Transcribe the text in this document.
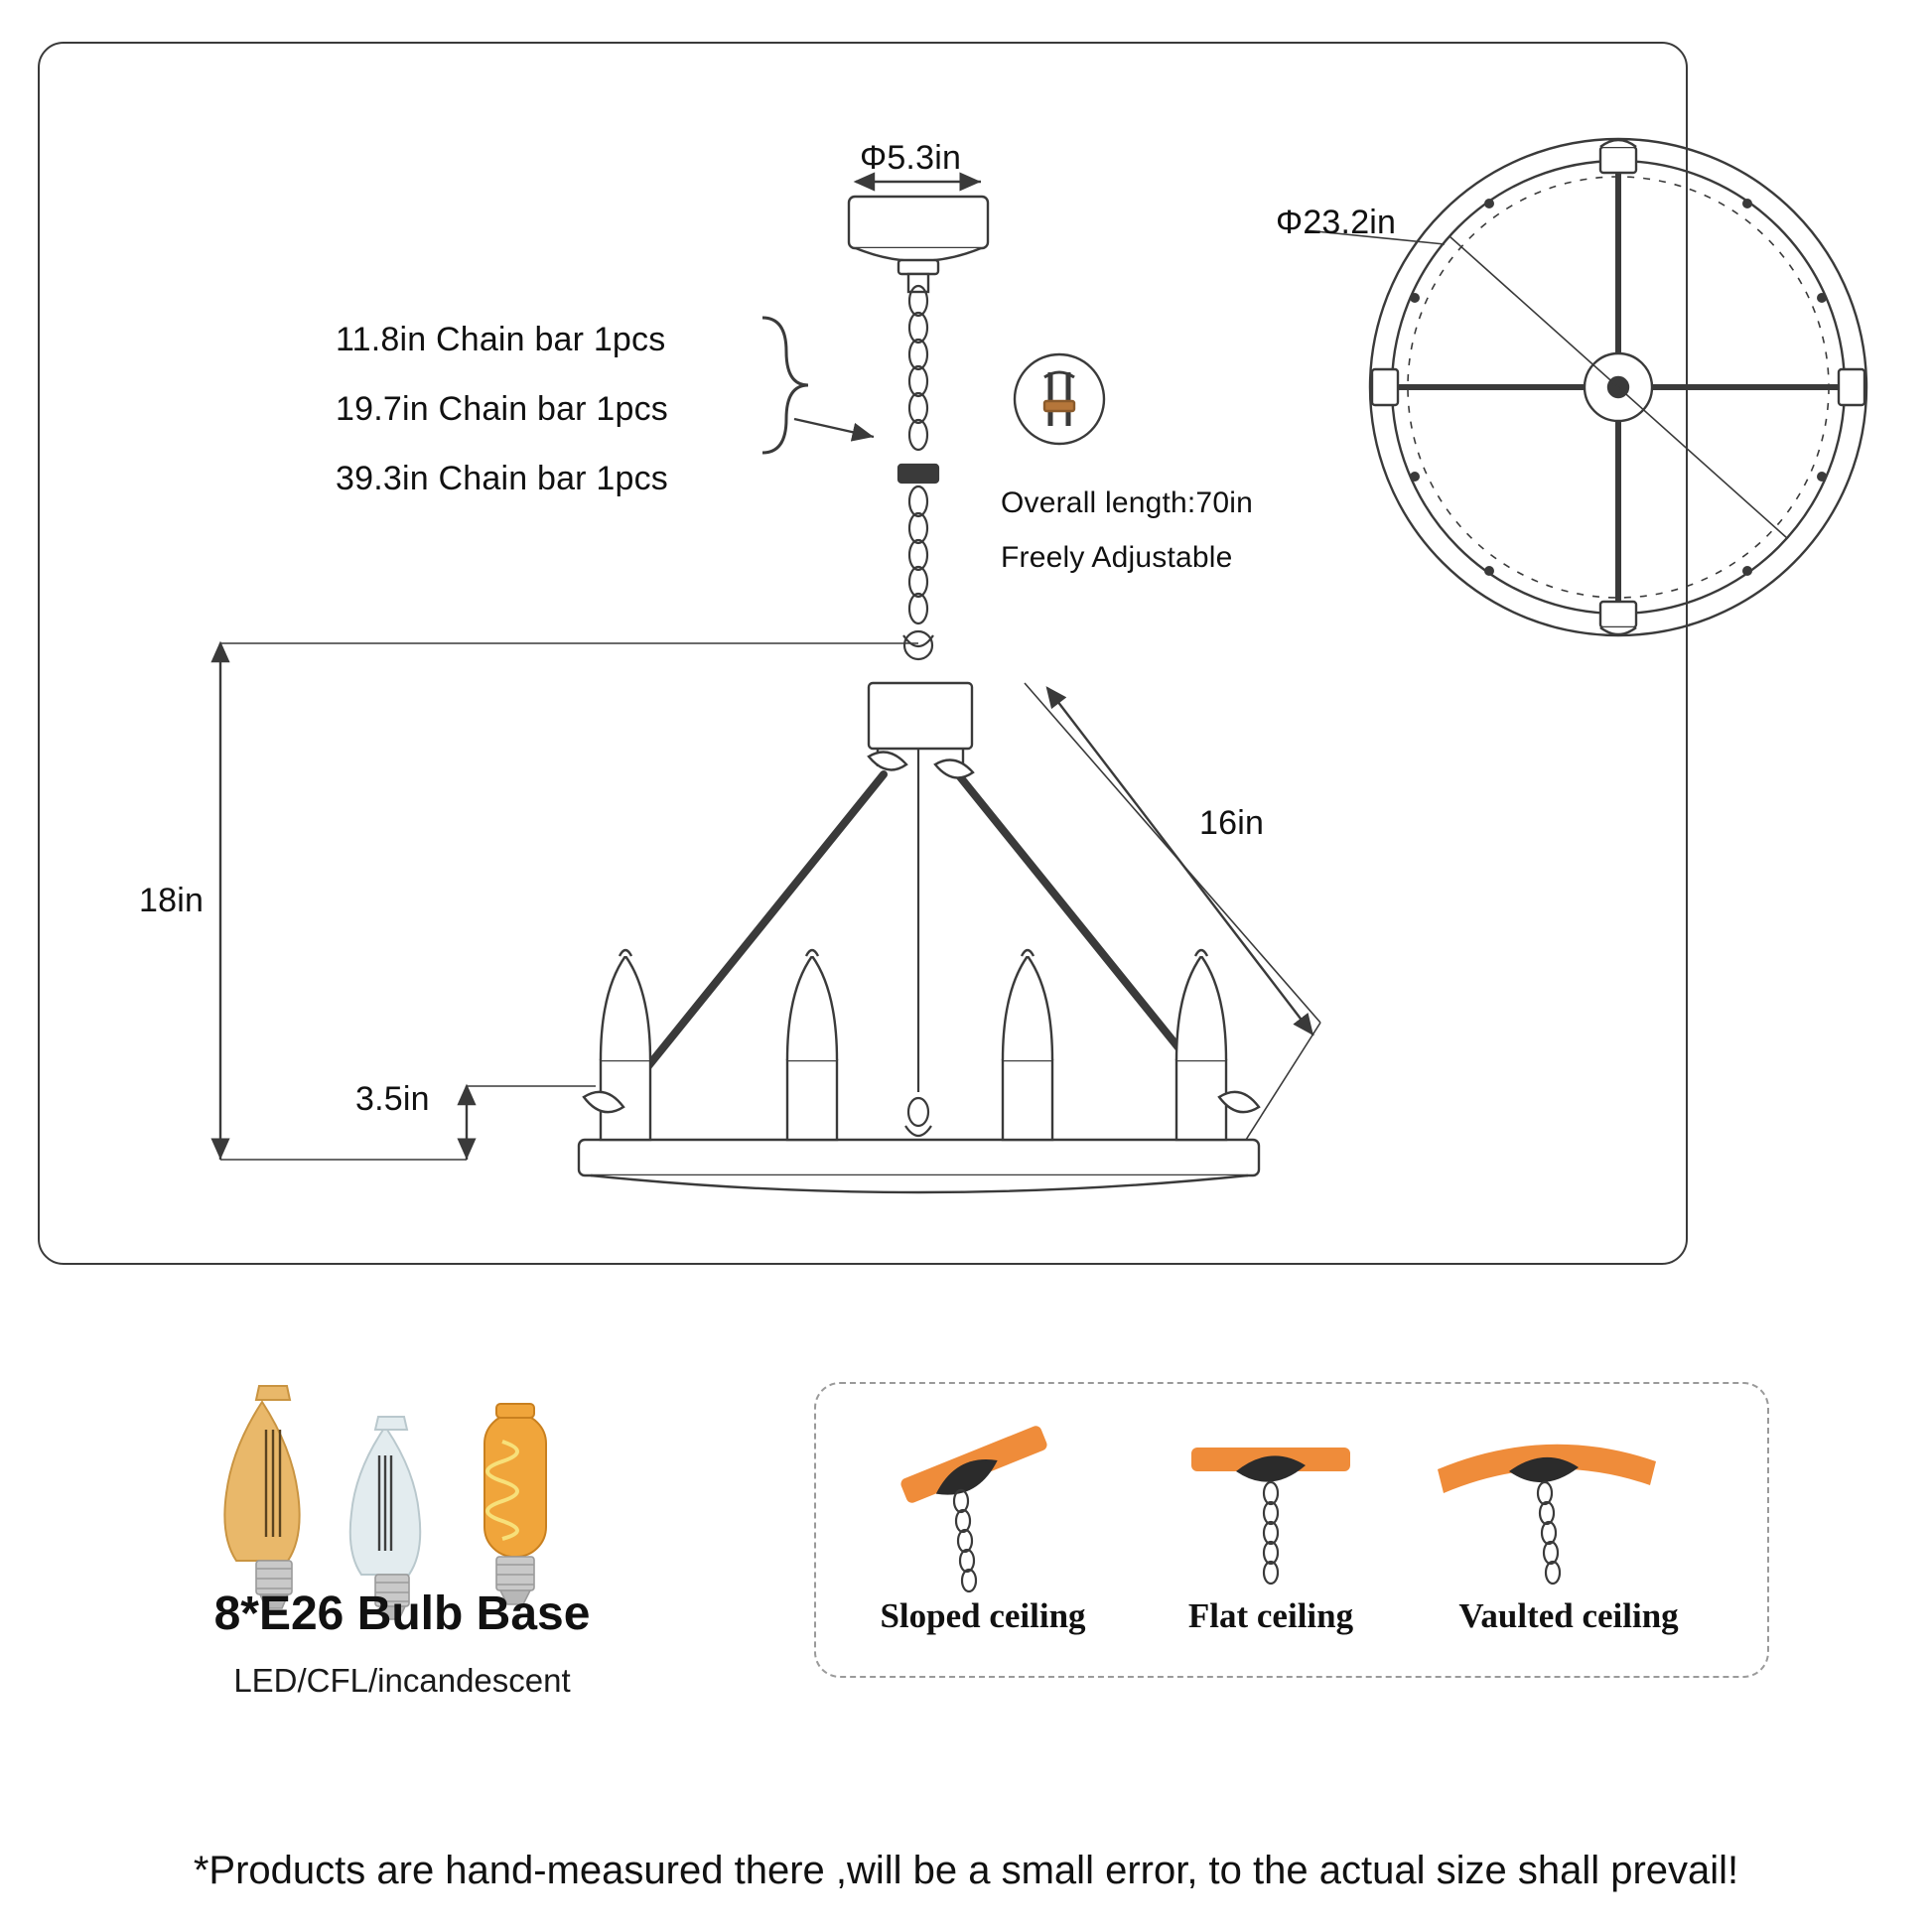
Φ5.3in
11.8in Chain bar 1pcs
19.7in Chain bar 1pcs
39.3in Chain bar 1pcs
Overall length:70in
Freely Adjustable
Φ23.2in
18in
3.5in
16in
8*E26 Bulb Base
LED/CFL/incandescent
Sloped ceiling	Flat ceiling	Vaulted ceiling
*Products are hand-measured there ,will be a small error, to the actual size shall prevail!
